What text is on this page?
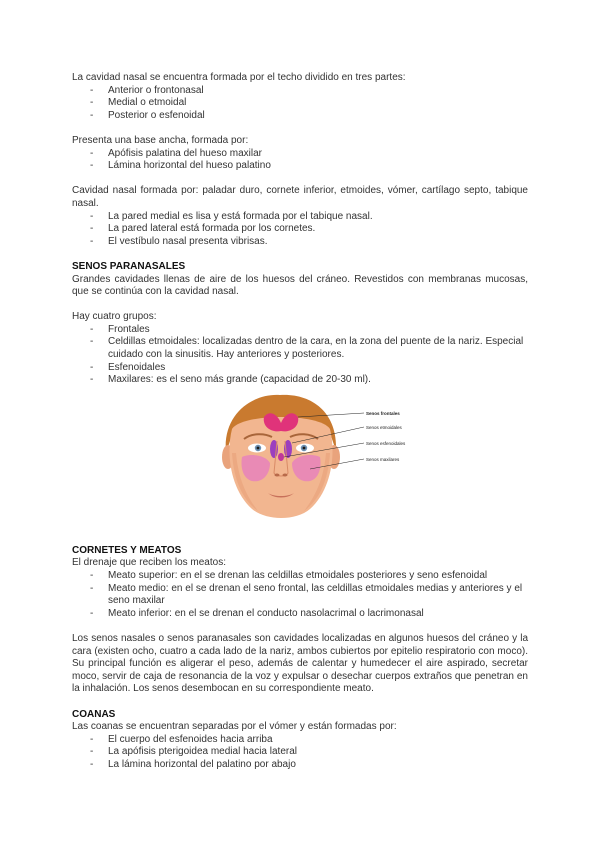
La cavidad nasal se encuentra formada por el techo dividido en tres partes:

- Anterior o frontonasal
- Medial o etmoidal
- Posterior o esfenoidal

Presenta una base ancha, formada por:

- Apófisis palatina del hueso maxilar
- Lámina horizontal del hueso palatino

Cavidad nasal formada por: paladar duro, cornete inferior, etmoides, vómer, cartílago septo, tabique nasal.

- La pared medial es lisa y está formada por el tabique nasal.
- La pared lateral está formada por los cornetes.
- El vestíbulo nasal presenta vibrisas.

SENOS PARANASALES

Grandes cavidades llenas de aire de los huesos del cráneo. Revestidos con membranas mucosas, que se continúa con la cavidad nasal.

Hay cuatro grupos:

- Frontales
- Celdillas etmoidales: localizadas dentro de la cara, en la zona del puente de la nariz. Especial cuidado con la sinusitis. Hay anteriores y posteriores.
- Esfenoidales
- Maxilares: es el seno más grande (capacidad de 20-30 ml).
Senos frontales
Senos etmoidales
Senos esfenoidales
Senos maxilares

CORNETES Y MEATOS

El drenaje que reciben los meatos:

- Meato superior: en el se drenan las celdillas etmoidales posteriores y seno esfenoidal
- Meato medio: en el se drenan el seno frontal, las celdillas etmoidales medias y anteriores y el seno maxilar
- Meato inferior: en el se drenan el conducto nasolacrimal o lacrimonasal

Los senos nasales o senos paranasales son cavidades localizadas en algunos huesos del cráneo y la cara (existen ocho, cuatro a cada lado de la nariz, ambos cubiertos por epitelio respiratorio con moco). Su principal función es aligerar el peso, además de calentar y humedecer el aire aspirado, secretar moco, servir de caja de resonancia de la voz y expulsar o desechar cuerpos extraños que penetran en la inhalación. Los senos desembocan en su correspondiente meato.

COANAS

Las coanas se encuentran separadas por el vómer y están formadas por:

- El cuerpo del esfenoides hacia arriba
- La apófisis pterigoidea medial hacia lateral
- La lámina horizontal del palatino por abajo
